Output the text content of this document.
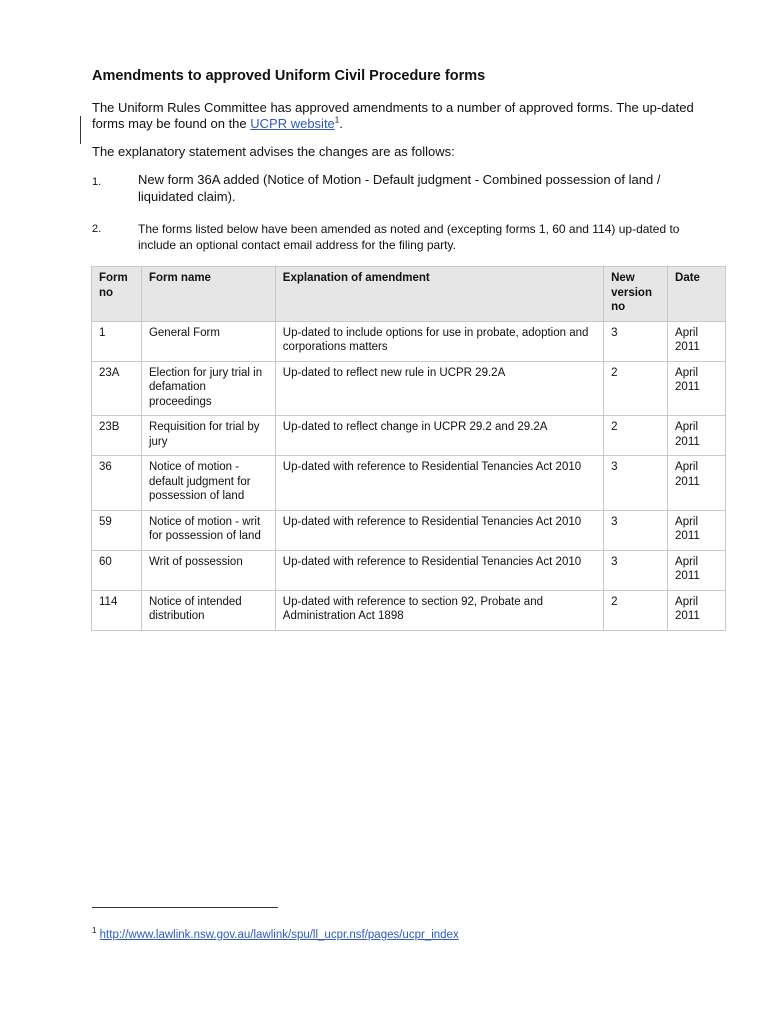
Amendments to approved Uniform Civil Procedure forms

The Uniform Rules Committee has approved amendments to a number of approved forms. The up-dated forms may be found on the UCPR website$^1$.

The explanatory statement advises the changes are as follows:

1.	New form 36A added (Notice of Motion - Default judgment - Combined possession of land / liquidated claim).
2.	The forms listed below have been amended as noted and (excepting forms 1, 60 and 114) up-dated to include an optional contact email address for the filing party.
Form no	Form name	Explanation of amendment	New version no	Date
1	General Form	Up-dated to include options for use in probate, adoption and corporations matters	3	April 2011
23A	Election for jury trial in defamation proceedings	Up-dated to reflect new rule in UCPR 29.2A	2	April 2011
23B	Requisition for trial by jury	Up-dated to reflect change in UCPR 29.2 and 29.2A	2	April 2011
36	Notice of motion - default judgment for possession of land	Up-dated with reference to Residential Tenancies Act 2010	3	April 2011
59	Notice of motion - writ for possession of land	Up-dated with reference to Residential Tenancies Act 2010	3	April 2011
60	Writ of possession	Up-dated with reference to Residential Tenancies Act 2010	3	April 2011
114	Notice of intended distribution	Up-dated with reference to section 92, Probate and Administration Act 1898	2	April 2011
$^1$ http://www.lawlink.nsw.gov.au/lawlink/spu/ll_ucpr.nsf/pages/ucpr_index
